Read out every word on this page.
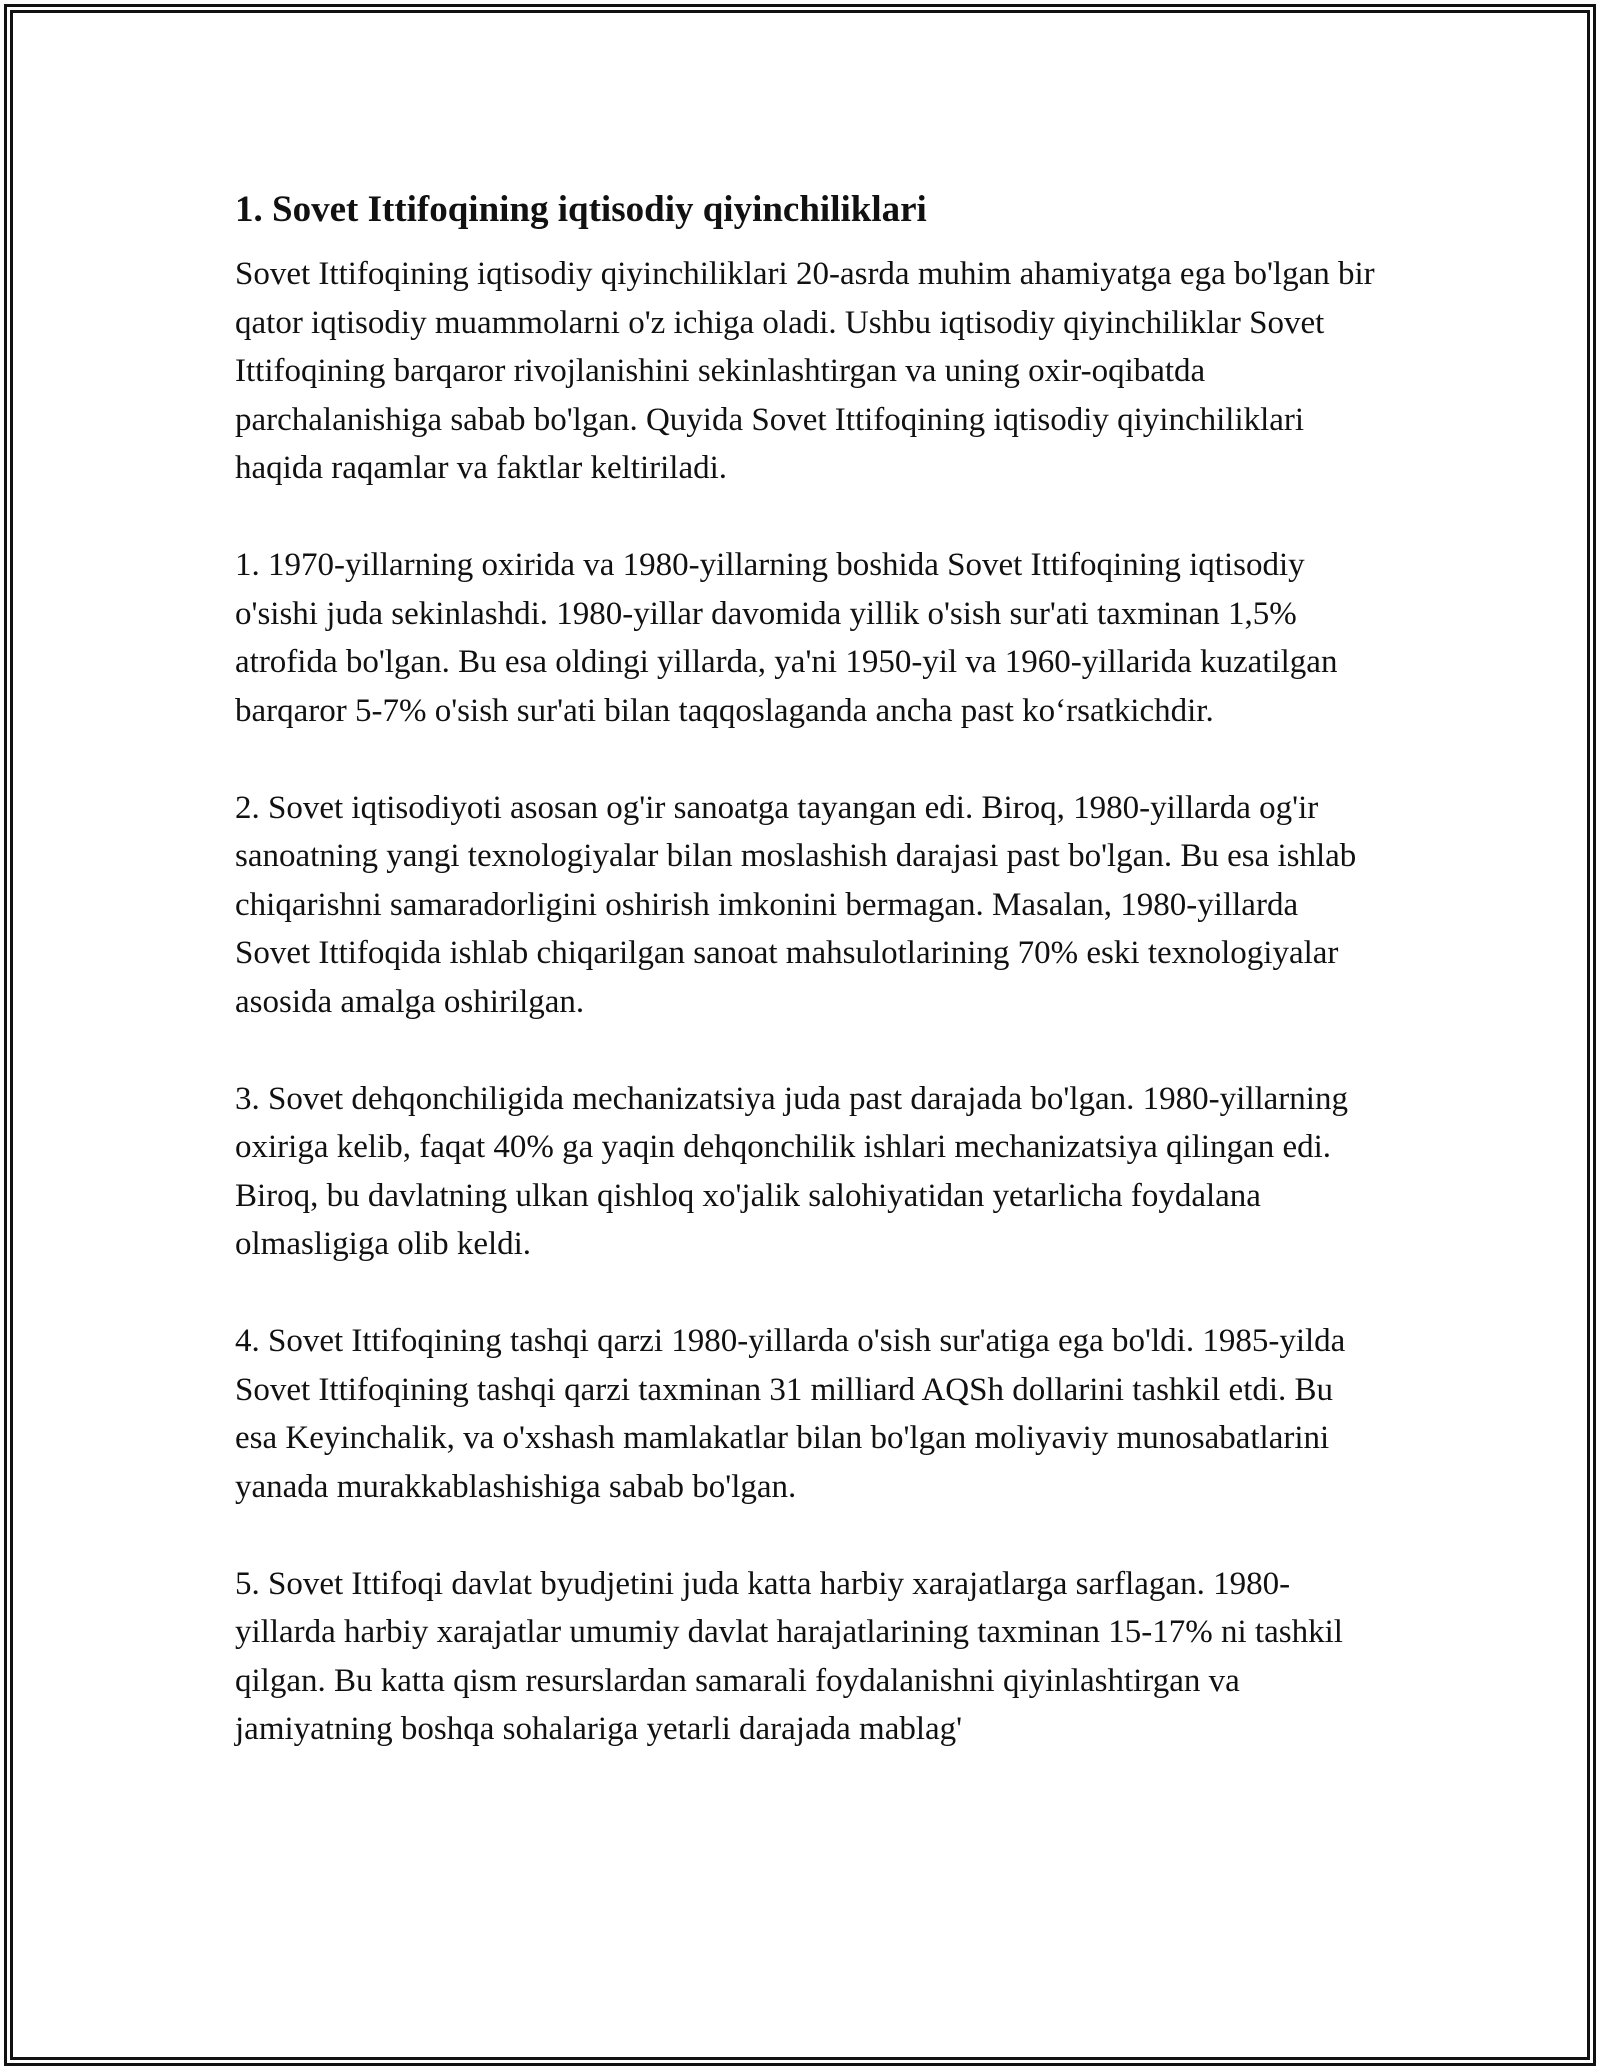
1. Sovet Ittifoqining iqtisodiy qiyinchiliklari

Sovet Ittifoqining iqtisodiy qiyinchiliklari 20-asrda muhim ahamiyatga ega bo'lgan bir qator iqtisodiy muammolarni o'z ichiga oladi. Ushbu iqtisodiy qiyinchiliklar Sovet Ittifoqining barqaror rivojlanishini sekinlashtirgan va uning oxir-oqibatda parchalanishiga sabab bo'lgan. Quyida Sovet Ittifoqining iqtisodiy qiyinchiliklari haqida raqamlar va faktlar keltiriladi.

1. 1970-yillarning oxirida va 1980-yillarning boshida Sovet Ittifoqining iqtisodiy o'sishi juda sekinlashdi. 1980-yillar davomida yillik o'sish sur'ati taxminan 1,5% atrofida bo'lgan. Bu esa oldingi yillarda, ya'ni 1950-yil va 1960-yillarida kuzatilgan barqaror 5-7% o'sish sur'ati bilan taqqoslaganda ancha past ko‘rsatkichdir.

2. Sovet iqtisodiyoti asosan og'ir sanoatga tayangan edi. Biroq, 1980-yillarda og'ir sanoatning yangi texnologiyalar bilan moslashish darajasi past bo'lgan. Bu esa ishlab chiqarishni samaradorligini oshirish imkonini bermagan. Masalan, 1980-yillarda Sovet Ittifoqida ishlab chiqarilgan sanoat mahsulotlarining 70% eski texnologiyalar asosida amalga oshirilgan.

3. Sovet dehqonchiligida mechanizatsiya juda past darajada bo'lgan. 1980-yillarning oxiriga kelib, faqat 40% ga yaqin dehqonchilik ishlari mechanizatsiya qilingan edi. Biroq, bu davlatning ulkan qishloq xo'jalik salohiyatidan yetarlicha foydalana olmasligiga olib keldi.

4. Sovet Ittifoqining tashqi qarzi 1980-yillarda o'sish sur'atiga ega bo'ldi. 1985-yilda Sovet Ittifoqining tashqi qarzi taxminan 31 milliard AQSh dollarini tashkil etdi. Bu esa Keyinchalik, va o'xshash mamlakatlar bilan bo'lgan moliyaviy munosabatlarini yanada murakkablashishiga sabab bo'lgan.

5. Sovet Ittifoqi davlat byudjetini juda katta harbiy xarajatlarga sarflagan. 1980-yillarda harbiy xarajatlar umumiy davlat harajatlarining taxminan 15-17% ni tashkil qilgan. Bu katta qism resurslardan samarali foydalanishni qiyinlashtirgan va jamiyatning boshqa sohalariga yetarli darajada mablag'
